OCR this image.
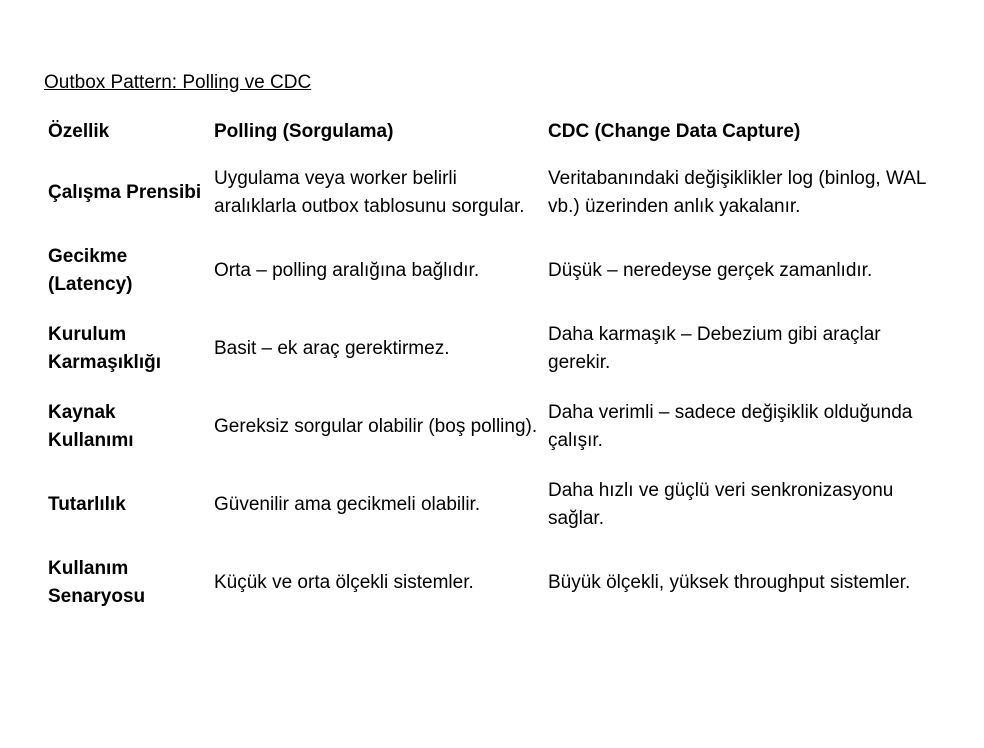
Outbox Pattern: Polling ve CDC
Özellik	Polling (Sorgulama)	CDC (Change Data Capture)
Çalışma Prensibi	Uygulama veya worker belirli aralıklarla outbox tablosunu sorgular.	Veritabanındaki değişiklikler log (binlog, WAL vb.) üzerinden anlık yakalanır.
Gecikme (Latency)	Orta – polling aralığına bağlıdır.	Düşük – neredeyse gerçek zamanlıdır.
Kurulum Karmaşıklığı	Basit – ek araç gerektirmez.	Daha karmaşık – Debezium gibi araçlar gerekir.
Kaynak Kullanımı	Gereksiz sorgular olabilir (boş polling).	Daha verimli – sadece değişiklik olduğunda çalışır.
Tutarlılık	Güvenilir ama gecikmeli olabilir.	Daha hızlı ve güçlü veri senkronizasyonu sağlar.
Kullanım Senaryosu	Küçük ve orta ölçekli sistemler.	Büyük ölçekli, yüksek throughput sistemler.
